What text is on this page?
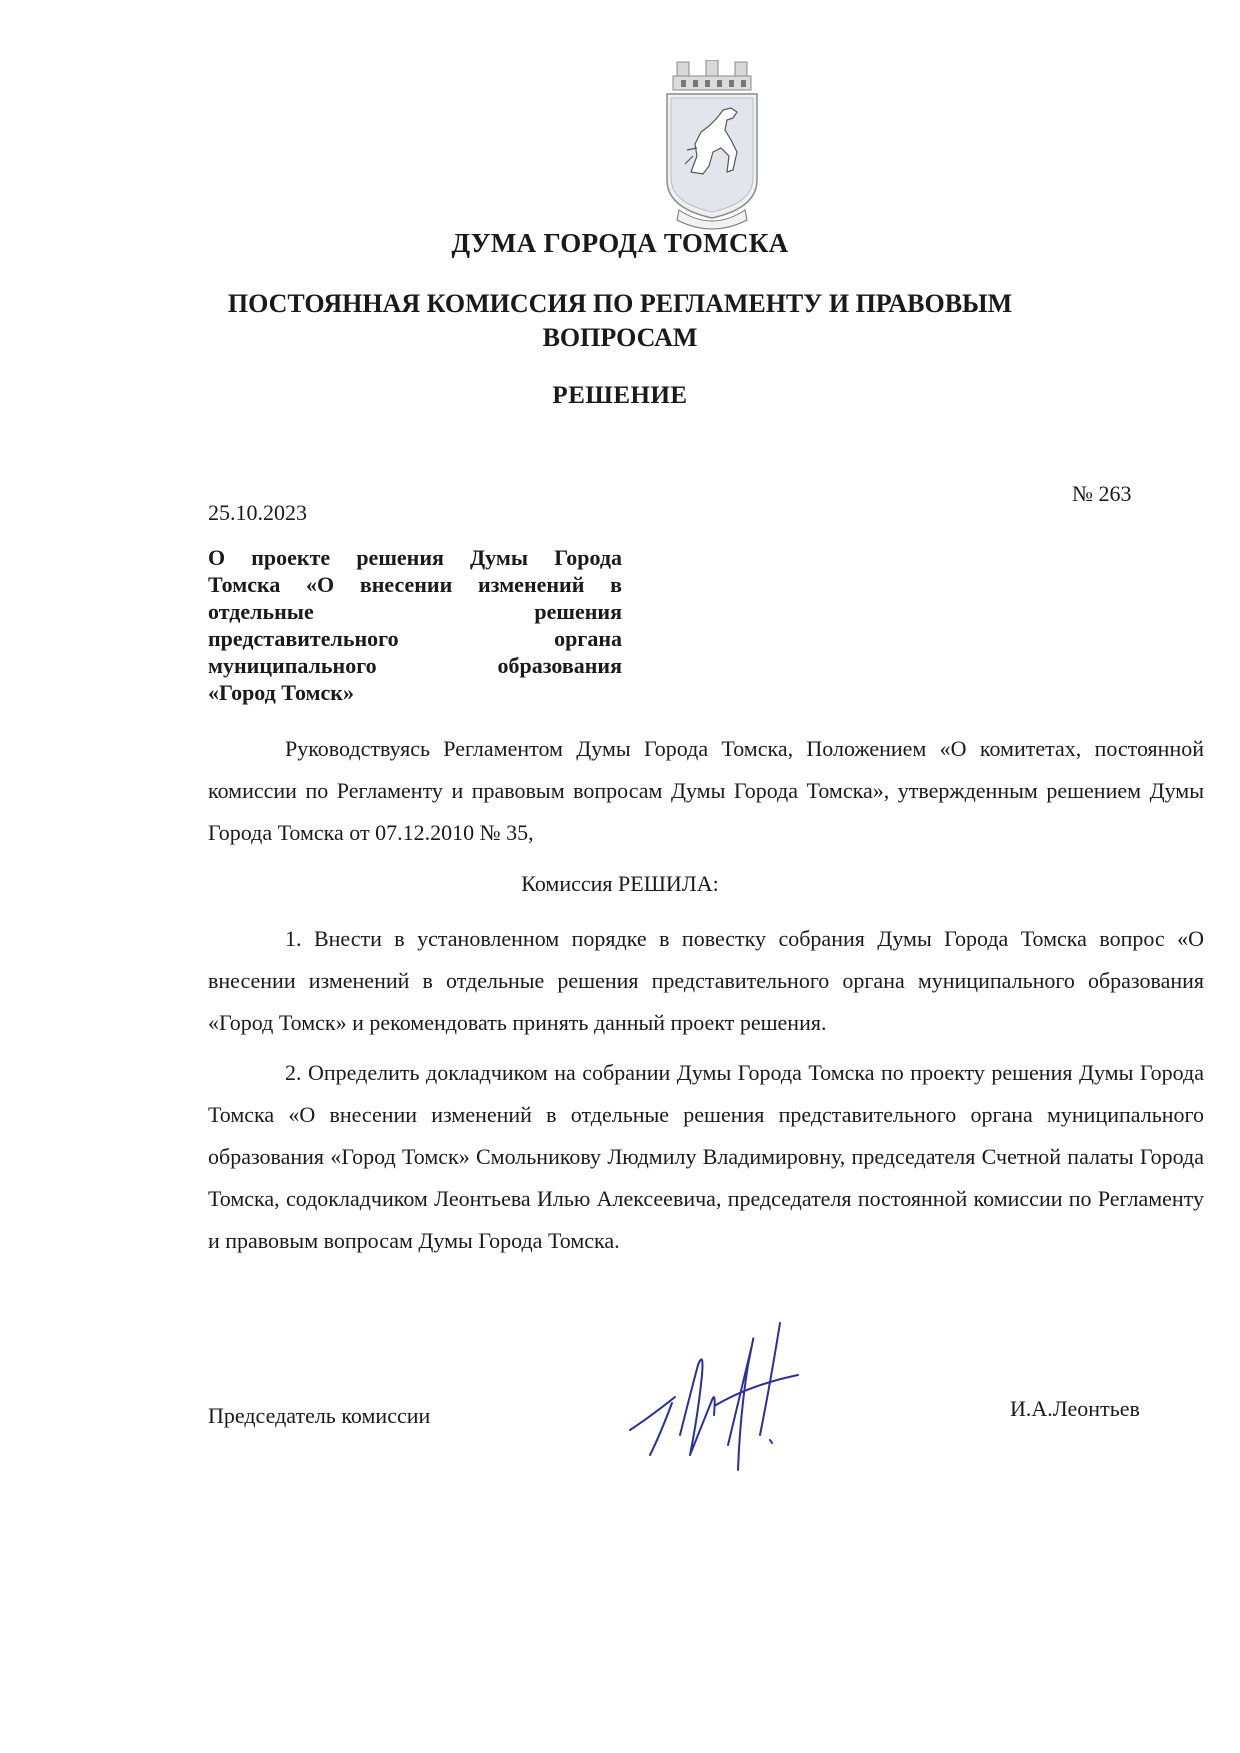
ДУМА ГОРОДА ТОМСКА
ПОСТОЯННАЯ КОМИССИЯ ПО РЕГЛАМЕНТУ И ПРАВОВЫМ
ВОПРОСАМ
РЕШЕНИЕ
№ 263
25.10.2023
О проекте решения Думы Города
Томска «О внесении изменений в
отдельные решения
представительного органа
муниципального образования
«Город Томск»
Руководствуясь Регламентом Думы Города Томска, Положением «О комитетах, постоянной комиссии по Регламенту и правовым вопросам Думы Города Томска», утвержденным решением Думы Города Томска от 07.12.2010 № 35,
Комиссия РЕШИЛА:
1. Внести в установленном порядке в повестку собрания Думы Города Томска вопрос «О внесении изменений в отдельные решения представительного органа муниципального образования «Город Томск» и рекомендовать принять данный проект решения.
2. Определить докладчиком на собрании Думы Города Томска по проекту решения Думы Города Томска «О внесении изменений в отдельные решения представительного органа муниципального образования «Город Томск» Смольникову Людмилу Владимировну, председателя Счетной палаты Города Томска, содокладчиком Леонтьева Илью Алексеевича, председателя постоянной комиссии по Регламенту и правовым вопросам Думы Города Томска.
Председатель комиссии	И.А.Леонтьев
